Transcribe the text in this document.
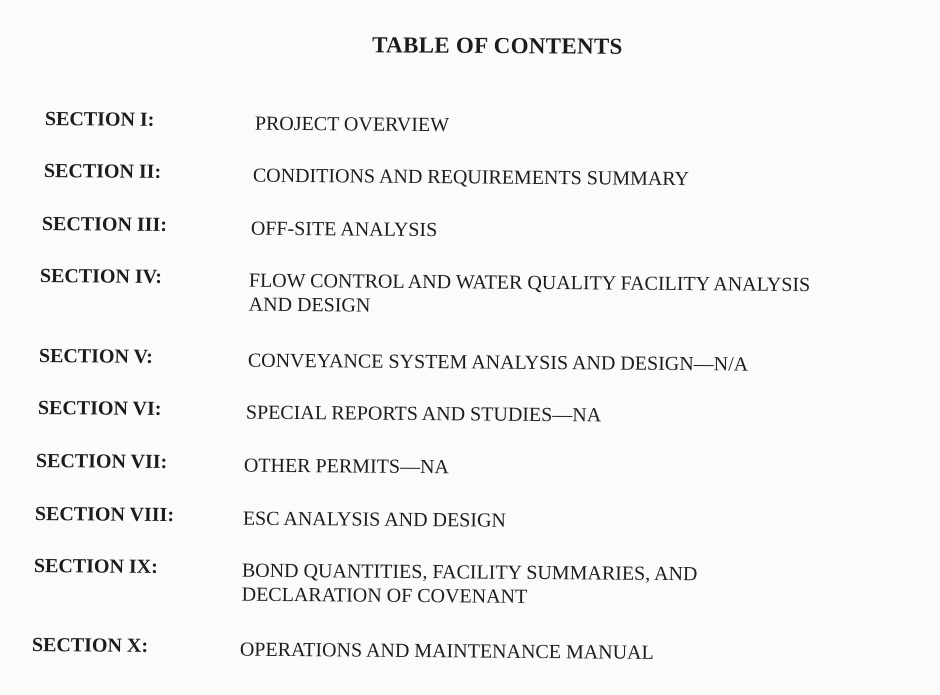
TABLE OF CONTENTS
SECTION I:	PROJECT OVERVIEW
SECTION II:	CONDITIONS AND REQUIREMENTS SUMMARY
SECTION III:	OFF-SITE ANALYSIS
SECTION IV:	FLOW CONTROL AND WATER QUALITY FACILITY ANALYSIS
AND DESIGN
SECTION V:	CONVEYANCE SYSTEM ANALYSIS AND DESIGN—N/A
SECTION VI:	SPECIAL REPORTS AND STUDIES—NA
SECTION VII:	OTHER PERMITS—NA
SECTION VIII:	ESC ANALYSIS AND DESIGN
SECTION IX:	BOND QUANTITIES, FACILITY SUMMARIES, AND
DECLARATION OF COVENANT
SECTION X:	OPERATIONS AND MAINTENANCE MANUAL
